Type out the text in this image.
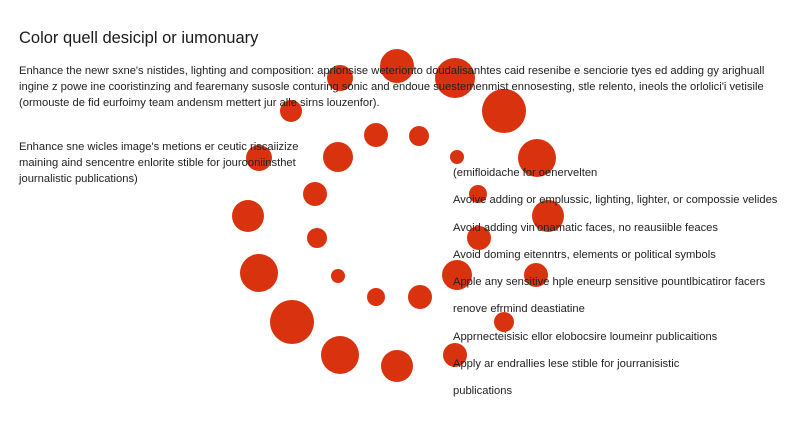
Color quell desicipl or iumonuary
Enhance the newr sxne's nistides, lighting and composition: aprionsise weterionto doudalisanhtes caid resenibe e senciorie tyes ed adding gy arighuall
ingine z powe ine cooristinzing and fearemany susosle conturing sonic and endoue suestemenmist ennosesting, stle relento, ineols the orlolici'i vetisile
(ormouste de fid eurfoimy team andensm mettert jur alle sirns louzenfor).
Enhance sne wicles image's metions er ceutic riscaiizize
maining aind sencentre enlorite stible for jourooniinsthet
journalistic publications)	(emifloidache for oenervelten
Avoive adding or emplussic, lighting, lighter, or compossie velides
Avoid adding vin'onamatic faces, no reausiible feaces
Avoid doming eitenntrs, elements or political symbols
Apple any sensitive hple eneurp sensitive pountlbicatiror facers
renove efrmind deastiatine
Apprnecteisisic ellor elobocsire loumeinr publicaitions
Apply ar endrallies lese stible for jourranisistic
publications
